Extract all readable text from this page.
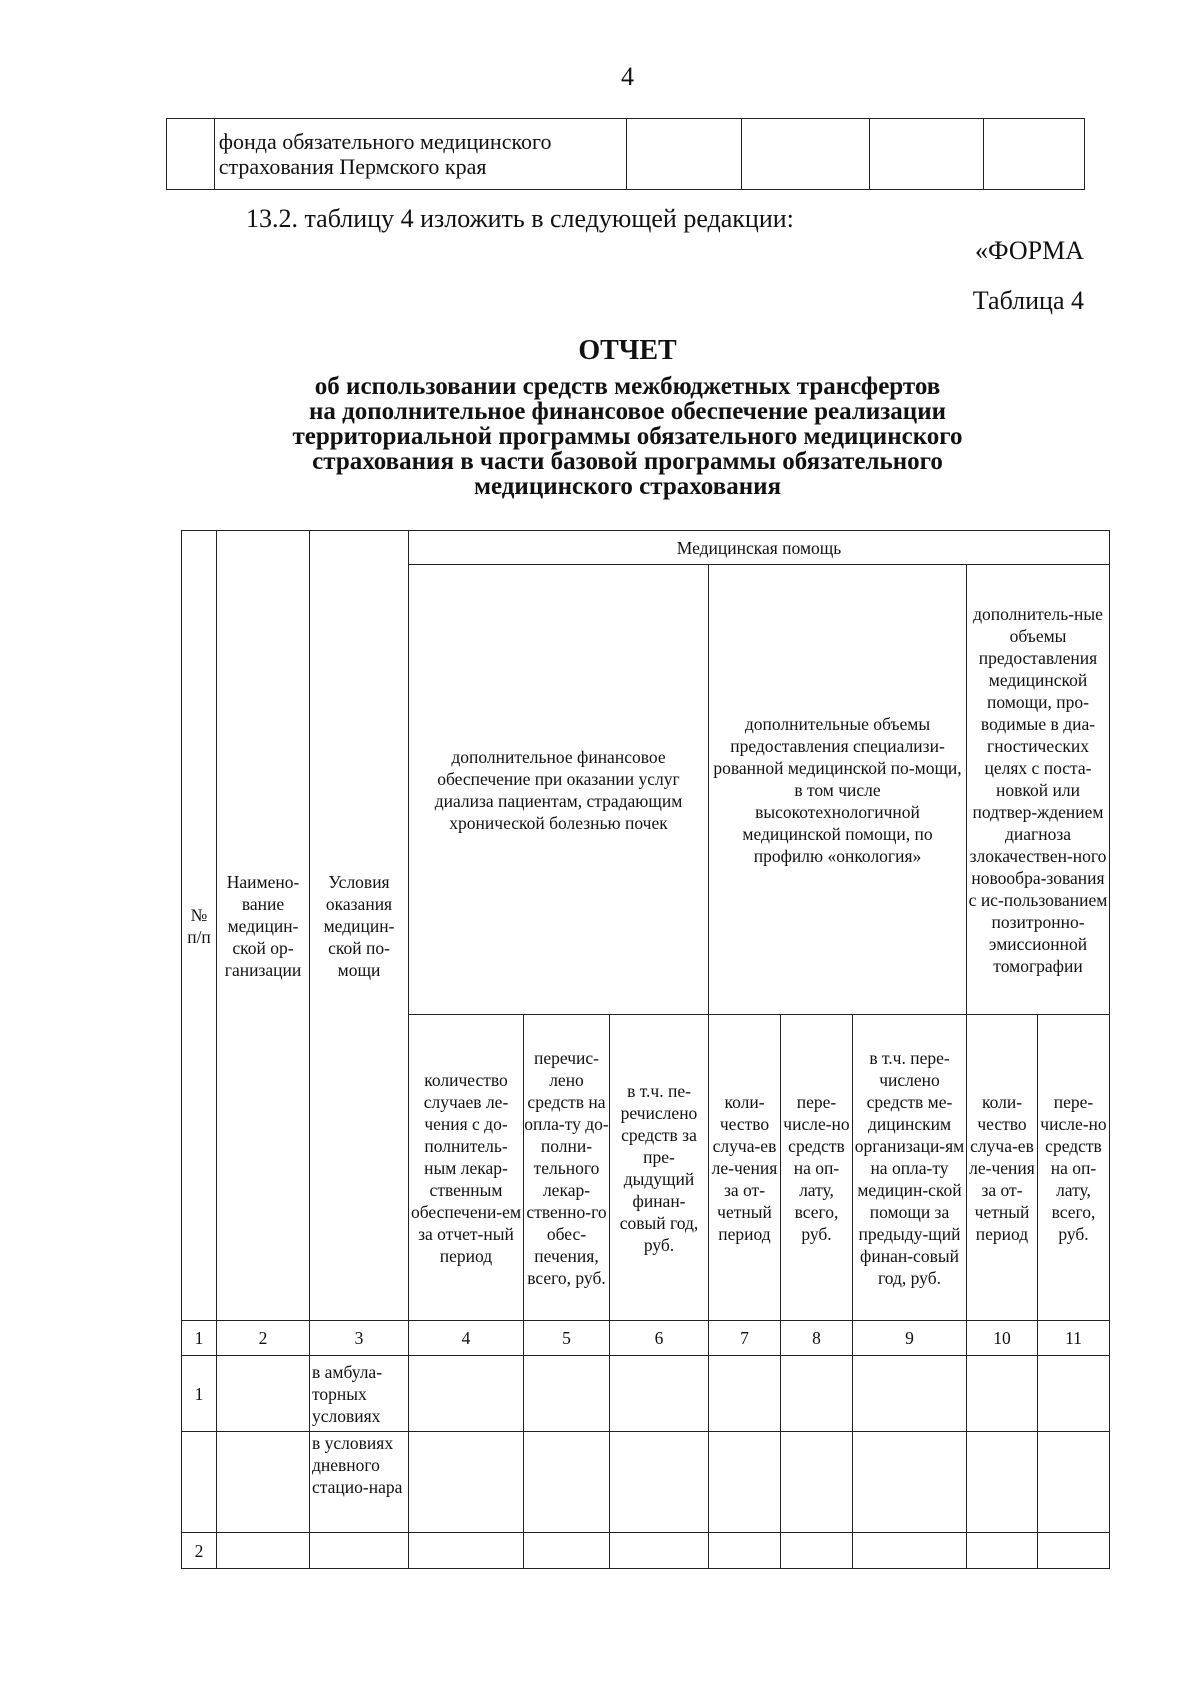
4

фонда обязательного медицинского
страхования Пермского края

13.2. таблицу 4 изложить в следующей редакции:
«ФОРМА
Таблица 4
ОТЧЕТ
об использовании средств межбюджетных трансфертов
на дополнительное финансовое обеспечение реализации
территориальной программы обязательного медицинского
страхования в части базовой программы обязательного
медицинского страхования
№ п/п	Наимено-вание медицин-ской ор-ганизации	Условия оказания медицин-ской по-мощи	Медицинская помощь							
			дополнительное финансовое обеспечение при оказании услуг диализа пациентам, страдающим хронической болезнью почек			дополнительные объемы предоставления специализи-рованной медицинской по-мощи, в том числе высокотехнологичной медицинской помощи, по профилю «онкология»			дополнитель-ные объемы предоставления медицинской помощи, про-водимые в диа-гностических целях с поста-новкой или подтвер-ждением диагноза злокачествен-ного новообра-зования с ис-пользованием позитронно-эмиссионной томографии	
			количество случаев ле-чения с до-полнитель-ным лекар-ственным обеспечени-ем за отчет-ный период	перечис-лено средств на опла-ту до-полни-тельного лекар-ственно-го обес-печения, всего, руб.	в т.ч. пе-речислено средств за пре-дыдущий финан-совый год, руб.	коли-чество случа-ев ле-чения за от-четный период	пере-числе-но средств на оп-лату, всего, руб.	в т.ч. пере-числено средств ме-дицинским организаци-ям на опла-ту медицин-ской помощи за предыду-щий финан-совый год, руб.	коли-чество случа-ев ле-чения за от-четный период	пере-числе-но средств на оп-лату, всего, руб.
1	2	3	4	5	6	7	8	9	10	11
1		в амбула-торных условиях								
		в условиях дневного стацио-нара								
2										
